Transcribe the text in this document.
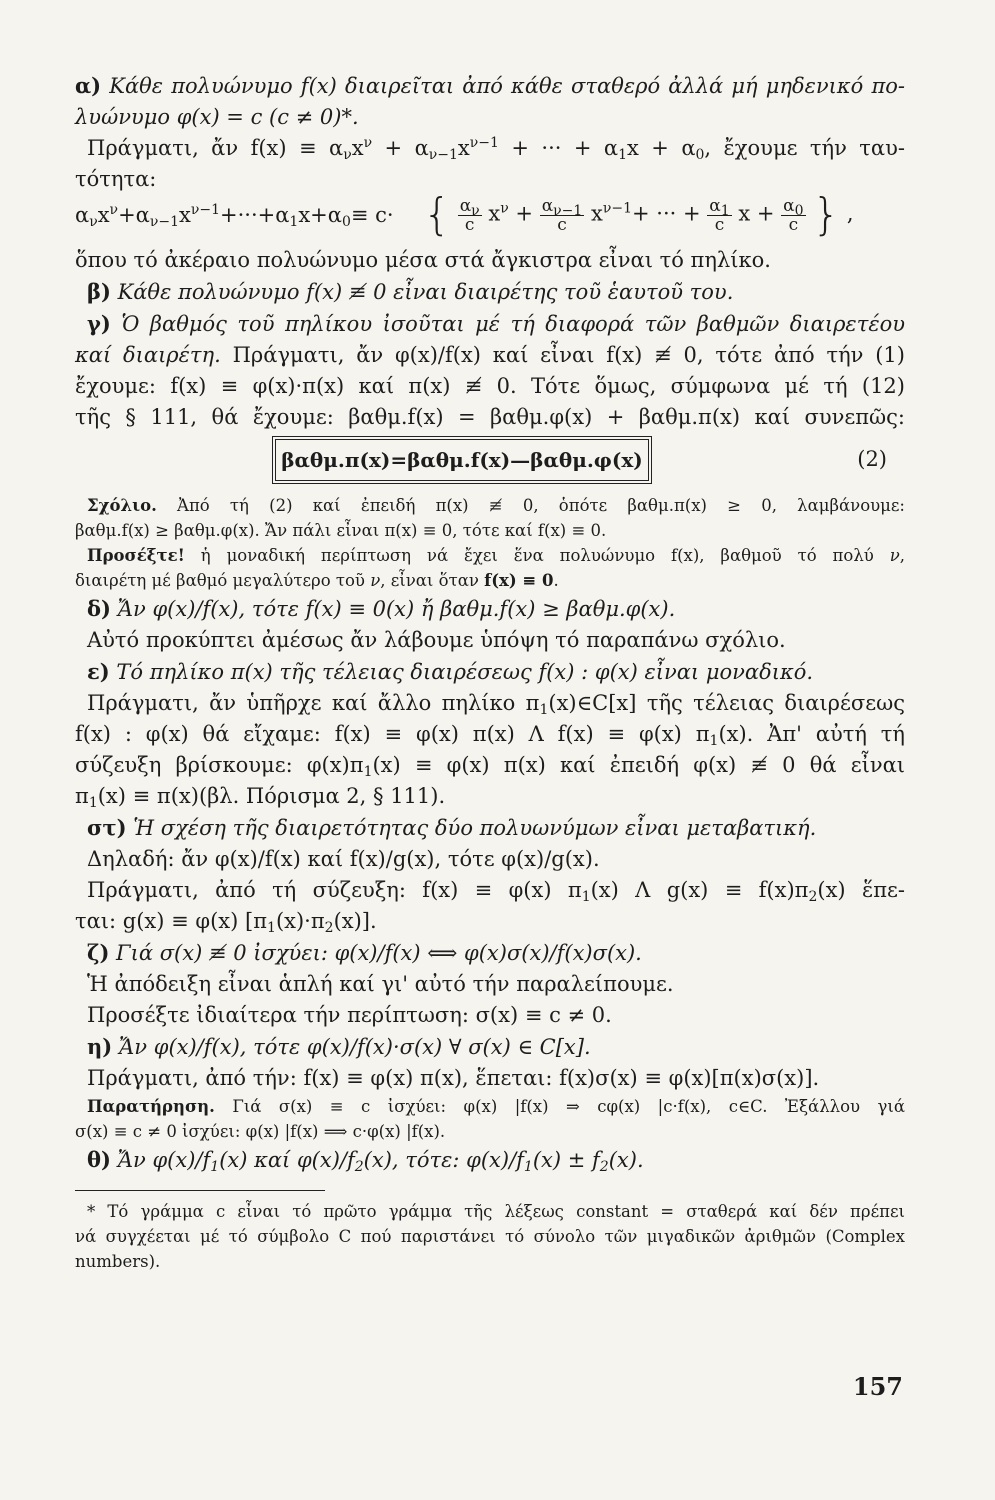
α) Κάθε πολυώνυμο f(x) διαιρεῖται ἀπό κάθε σταθερό ἀλλά μή μηδενικό πο-
λυώνυμο φ(x) = c (c ≠ 0)*.
Πράγματι, ἄν $f(x) \equiv \alpha_\nu x^\nu + \alpha_{\nu-1}x^{\nu-1}$ + ··· + $\alpha_1x + \alpha_0$, ἔχουμε τήν ταυ-
τότητα:
$\alpha_\nu x^\nu+\alpha_{\nu-1}x^{\nu-1}+\cdot\cdot\cdot+\alpha_1x+\alpha_0\equiv c\cdot$ { $\frac{\alpha_\nu}{c} x^\nu + \frac{\alpha_{\nu-1}}{c} x^{\nu-1}+$ ··· + $\frac{\alpha_1}{c}$ $x + \frac{\alpha_0}{c}$ } ,
ὅπου τό ἀκέραιο πολυώνυμο μέσα στά ἄγκιστρα εἶναι τό πηλίκο.
β) Κάθε πολυώνυμο f(x) ≢ 0 εἶναι διαιρέτης τοῦ ἑαυτοῦ του.
γ) Ὁ βαθμός τοῦ πηλίκου ἰσοῦται μέ τή διαφορά τῶν βαθμῶν διαιρετέου
καί διαιρέτη. Πράγματι, ἄν φ(x)/f(x) καί εἶναι f(x) ≢ 0, τότε ἀπό τήν (1)
ἔχουμε: f(x) ≡ φ(x)·π(x) καί π(x) ≢ 0. Τότε ὅμως, σύμφωνα μέ τή (12)
τῆς § 111, θά ἔχουμε: βαθμ.f(x) = βαθμ.φ(x) + βαθμ.π(x) καί συνεπῶς:
βαθμ.π(x)=βαθμ.f(x)—βαθμ.φ(x)	(2)
Σχόλιο. Ἀπό τή (2) καί ἐπειδή π(x) ≢ 0, ὁπότε βαθμ.π(x) ≥ 0, λαμβάνουμε:
βαθμ.f(x) ≥ βαθμ.φ(x). Ἄν πάλι εἶναι π(x) ≡ 0, τότε καί f(x) ≡ 0.
Προσέξτε! ἡ μοναδική περίπτωση νά ἔχει ἕνα πολυώνυμο f(x), βαθμοῦ τό πολύ ν,
διαιρέτη μέ βαθμό μεγαλύτερο τοῦ ν, εἶναι ὅταν f(x) ≡ 0.
δ) Ἄν φ(x)/f(x), τότε f(x) ≡ 0(x) ἤ βαθμ.f(x) ≥ βαθμ.φ(x).
Αὐτό προκύπτει ἀμέσως ἄν λάβουμε ὑπόψη τό παραπάνω σχόλιο.
ε) Τό πηλίκο π(x) τῆς τέλειας διαιρέσεως f(x) : φ(x) εἶναι μοναδικό.
Πράγματι, ἄν ὑπῆρχε καί ἄλλο πηλίκο $\pi_1(x)\in C[x]$ τῆς τέλειας διαιρέσεως
f(x) : φ(x) θά εἴχαμε: f(x) ≡ φ(x) π(x) Λ f(x) ≡ φ(x) $\pi_1(x)$. Ἀπ' αὐτή τή
σύζευξη βρίσκουμε: $\varphi(x)\pi_1(x) \equiv \varphi(x)$ π(x) καί ἐπειδή φ(x) ≢ 0 θά εἶναι
$\pi_1(x) \equiv \pi(x)(\beta\lambda$. Πόρισμα 2, § 111).
στ) Ἡ σχέση τῆς διαιρετότητας δύο πολυωνύμων εἶναι μεταβατική.
Δηλαδή: ἄν φ(x)/f(x) καί f(x)/g(x), τότε φ(x)/g(x).
Πράγματι, ἀπό τή σύζευξη: f(x) ≡ φ(x) $\pi_1(x)$ Λ $g(x) \equiv f(x)\pi_2(x)$ ἕπε-
ται: g(x) ≡ φ(x) $[\pi_1(x)\cdot\pi_2(x)]$.
ζ) Γιά σ(x) ≢ 0 ἰσχύει: φ(x)/f(x) ⟺ φ(x)σ(x)/f(x)σ(x).
Ἡ ἀπόδειξη εἶναι ἁπλή καί γι' αὐτό τήν παραλείπουμε.
Προσέξτε ἰδιαίτερα τήν περίπτωση: σ(x) ≡ c ≠ 0.
η) Ἄν φ(x)/f(x), τότε φ(x)/f(x)·σ(x) ∀ σ(x) ∈ C[x].
Πράγματι, ἀπό τήν: f(x) ≡ φ(x) π(x), ἕπεται: f(x)σ(x) ≡ φ(x)[π(x)σ(x)].
Παρατήρηση. Γιά σ(x) ≡ c ἰσχύει: φ(x) |f(x) ⇒ cφ(x) |c·f(x), c∈C. Ἐξάλλου γιά
σ(x) ≡ c ≠ 0 ἰσχύει: φ(x) |f(x) ⟹ c·φ(x) |f(x).
θ) Ἄν $\varphi(x)/f_1(x)$ καί $\varphi(x)/f_2(x)$, τότε: $\varphi(x)/f_1(x) \pm f_2(x)$.
* Τό γράμμα c εἶναι τό πρῶτο γράμμα τῆς λέξεως constant = σταθερά καί δέν πρέπει
νά συγχέεται μέ τό σύμβολο C πού παριστάνει τό σύνολο τῶν μιγαδικῶν ἀριθμῶν (Complex
numbers).
157
